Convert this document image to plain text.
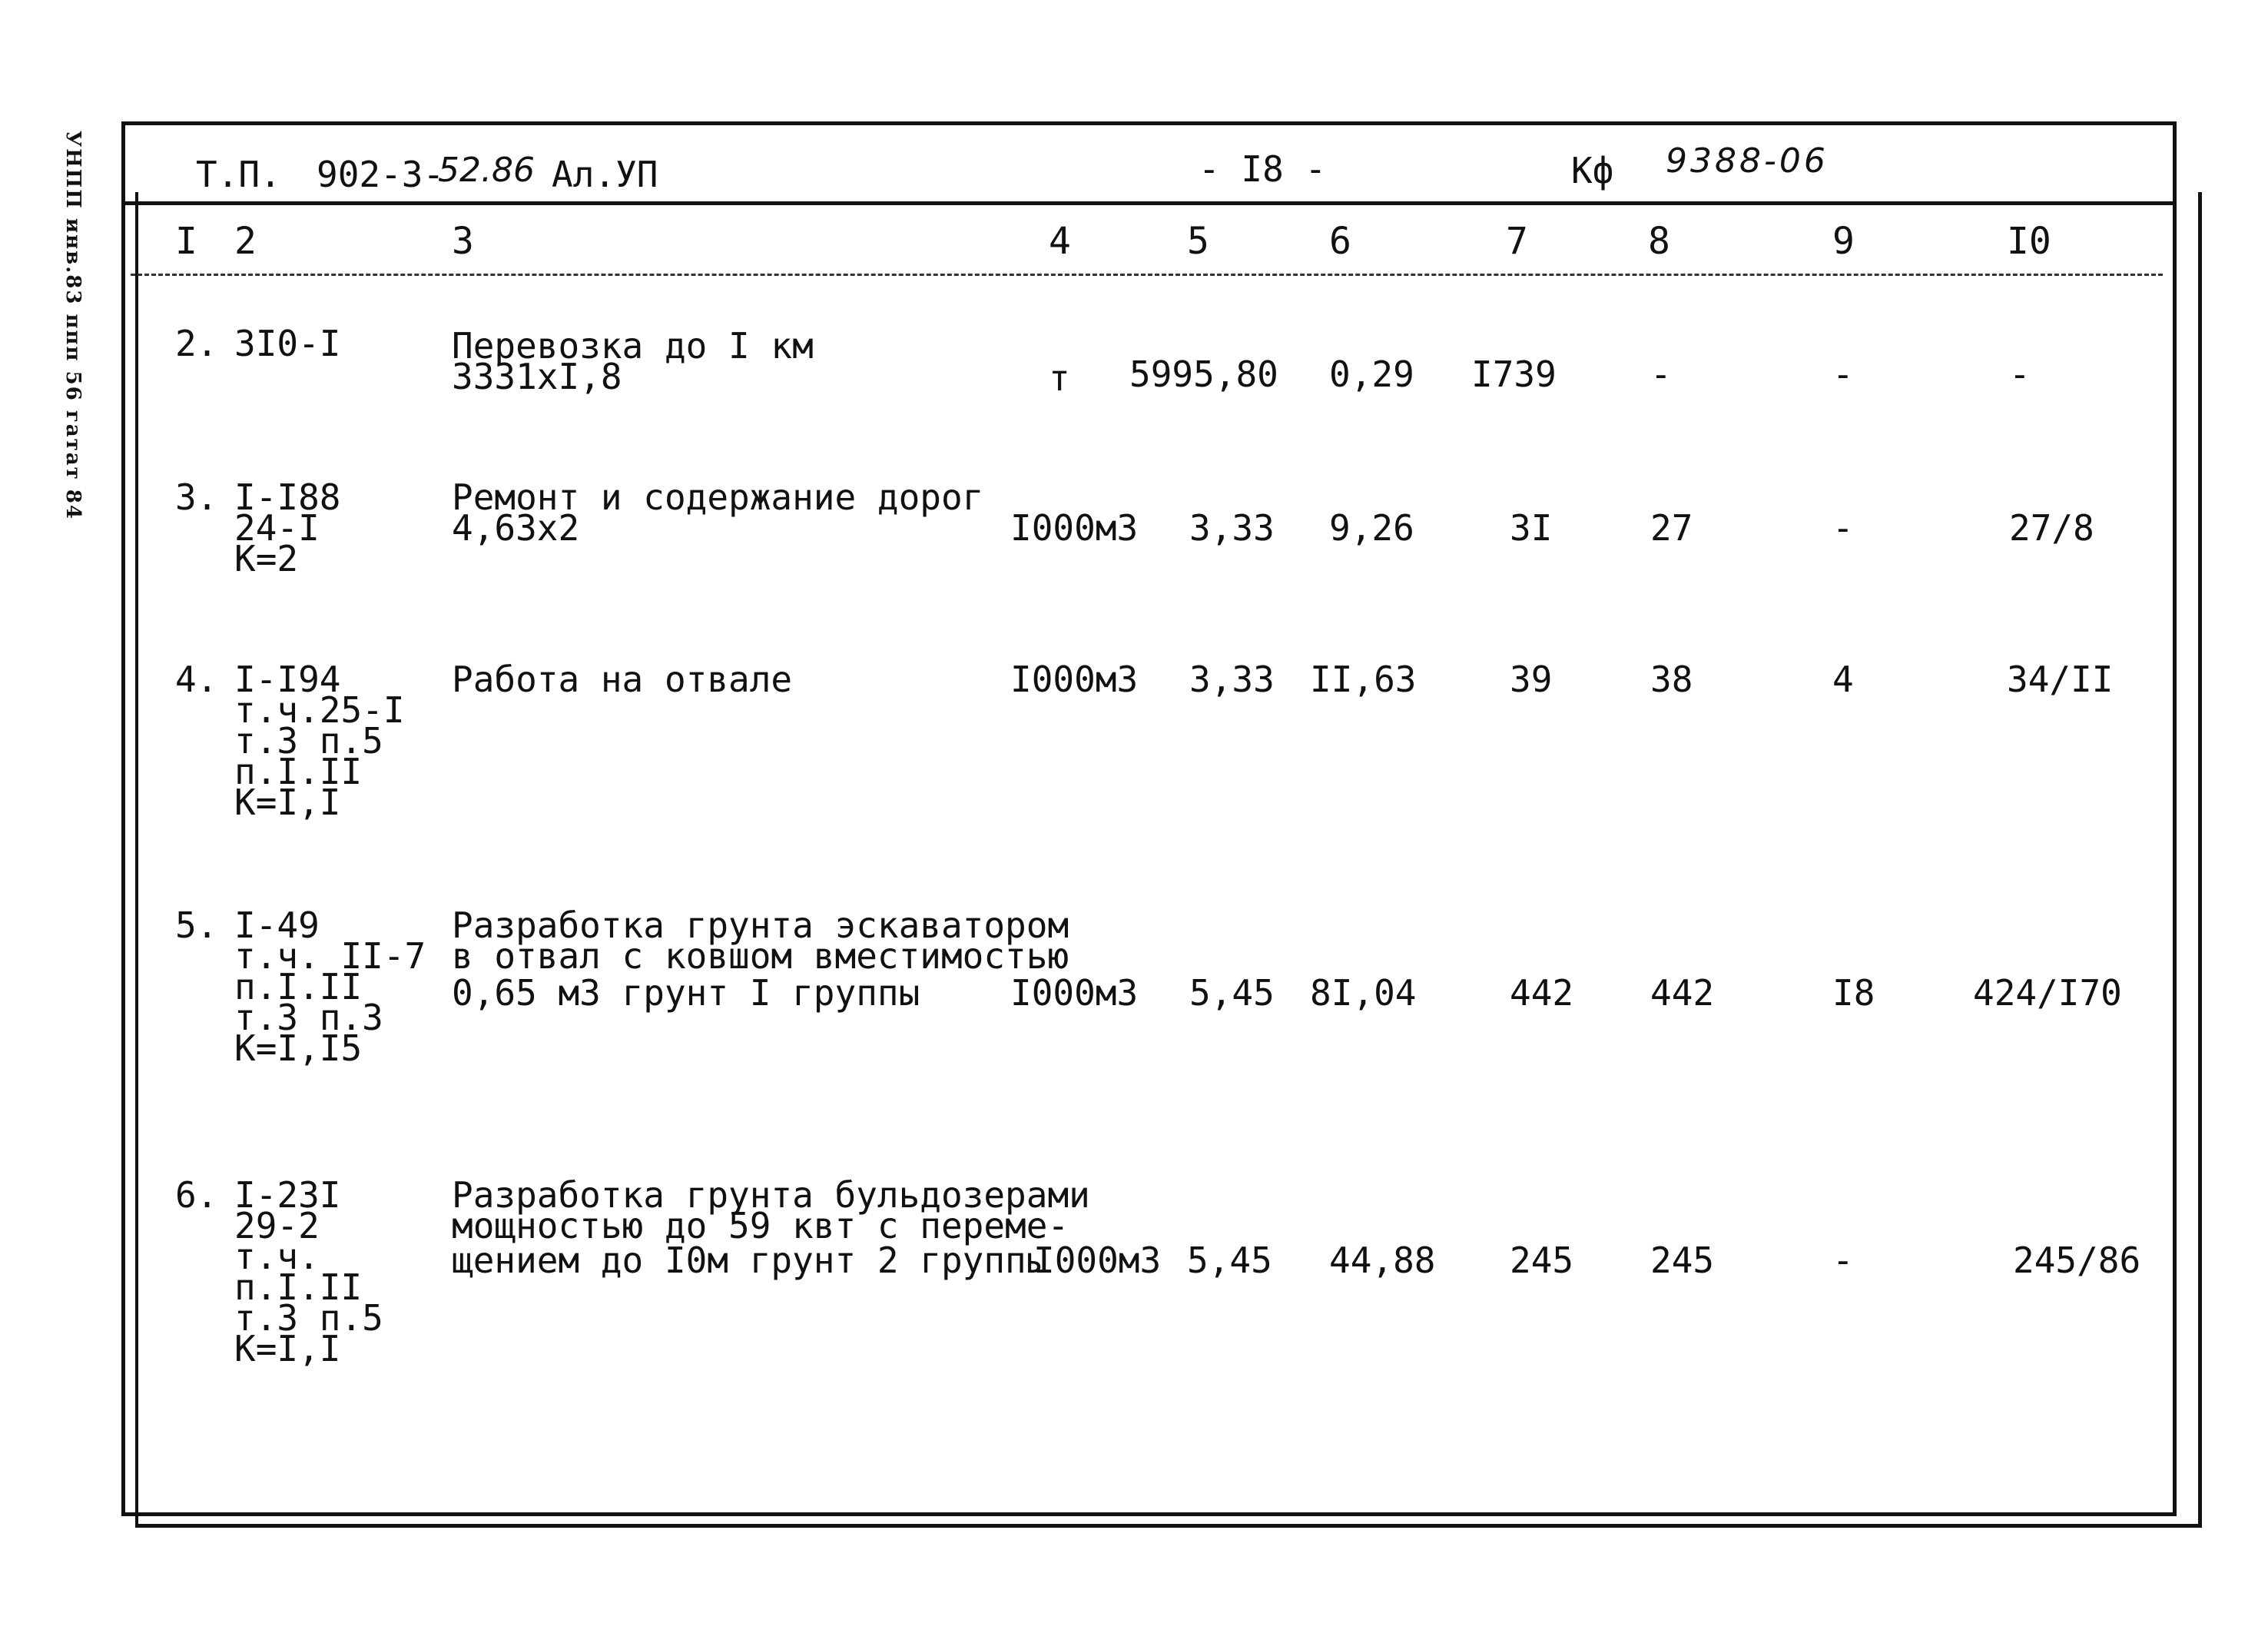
УНПП инв.83 ппп 56 гатат 84	Т.П. 902-3-
52.86 Ал.УП	- I8 -	Кф 9388-06
I 2	3	4	5	6	7	8	9	I0
2. 3I0-I	Перевозка до I км
3331хI,8	т 5995,80 0,29 I739	-	-	-
3. I-I88
24-I
К=2
Ремонт и содержание дорог
4,63х2	I000м3 3,33 9,26	3I	27	-	27/8
4. I-I94
т.ч.25-I
т.3 п.5
п.I.II
К=I,I
Работа на отвале	I000м3 3,33 II,63	39	38	4	34/II
5. I-49
т.ч. II-7
п.I.II
т.3 п.3
К=I,I5
Разработка грунта эскаватором
в отвал с ковшом вместимостью
0,65 м3 грунт I группы	I000м3 5,45 8I,04	442 442	I8	424/I70
6. I-23I
29-2
т.ч.
п.I.II
т.3 п.5
К=I,I
Разработка грунта бульдозерами
мощностью до 59 квт с переме-
щением до I0м грунт 2 группы
I000м3 5,45 44,88 245 245	-	245/86
